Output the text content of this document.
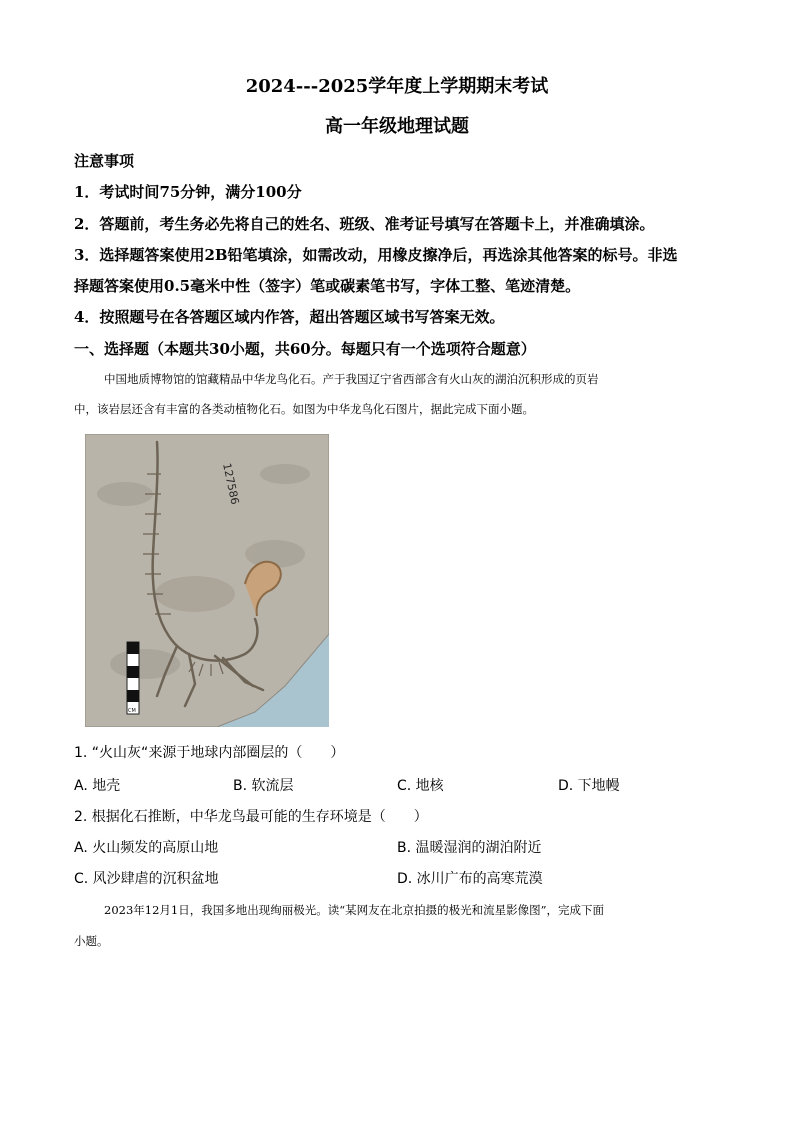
2024---2025学年度上学期期末考试
高一年级地理试题
注意事项
1．考试时间75分钟，满分100分
2．答题前，考生务必先将自己的姓名、班级、准考证号填写在答题卡上，并准确填涂。
3．选择题答案使用2B铅笔填涂，如需改动，用橡皮擦净后，再选涂其他答案的标号。非选
择题答案使用0.5毫米中性（签字）笔或碳素笔书写，字体工整、笔迹清楚。
4．按照题号在各答题区域内作答，超出答题区域书写答案无效。
一、选择题（本题共30小题，共60分。每题只有一个选项符合题意）
中国地质博物馆的馆藏精品中华龙鸟化石。产于我国辽宁省西部含有火山灰的湖泊沉积形成的页岩
中，该岩层还含有丰富的各类动植物化石。如图为中华龙鸟化石图片，据此完成下面小题。
127586
CM
1. “火山灰“来源于地球内部圈层的（　　）
A. 地壳	B. 软流层	C. 地核	D. 下地幔
2. 根据化石推断，中华龙鸟最可能的生存环境是（　　）
A. 火山频发的高原山地	B. 温暖湿润的湖泊附近
C. 风沙肆虐的沉积盆地	D. 冰川广布的高寒荒漠
2023年12月1日，我国多地出现绚丽极光。读“某网友在北京拍摄的极光和流星影像图”，完成下面
小题。
